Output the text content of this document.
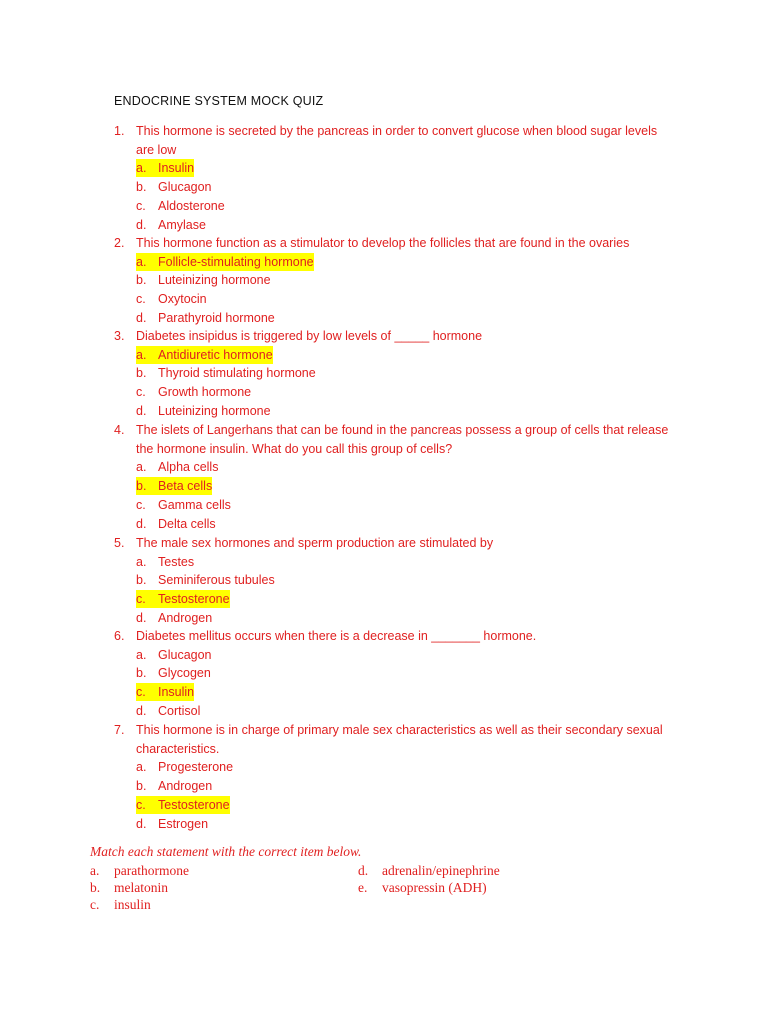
ENDOCRINE SYSTEM MOCK QUIZ
1. This hormone is secreted by the pancreas in order to convert glucose when blood sugar levels are low
a. Insulin
b. Glucagon
c. Aldosterone
d. Amylase
2. This hormone function as a stimulator to develop the follicles that are found in the ovaries
a. Follicle-stimulating hormone
b. Luteinizing hormone
c. Oxytocin
d. Parathyroid hormone
3. Diabetes insipidus is triggered by low levels of _____ hormone
a. Antidiuretic hormone
b. Thyroid stimulating hormone
c. Growth hormone
d. Luteinizing hormone
4. The islets of Langerhans that can be found in the pancreas possess a group of cells that release the hormone insulin. What do you call this group of cells?
a. Alpha cells
b. Beta cells
c. Gamma cells
d. Delta cells
5. The male sex hormones and sperm production are stimulated by
a. Testes
b. Seminiferous tubules
c. Testosterone
d. Androgen
6. Diabetes mellitus occurs when there is a decrease in _______ hormone.
a. Glucagon
b. Glycogen
c. Insulin
d. Cortisol
7. This hormone is in charge of primary male sex characteristics as well as their secondary sexual characteristics.
a. Progesterone
b. Androgen
c. Testosterone
d. Estrogen
Match each statement with the correct item below.
a. parathormone
b. melatonin
c. insulin
d. adrenalin/epinephrine
e. vasopressin (ADH)
